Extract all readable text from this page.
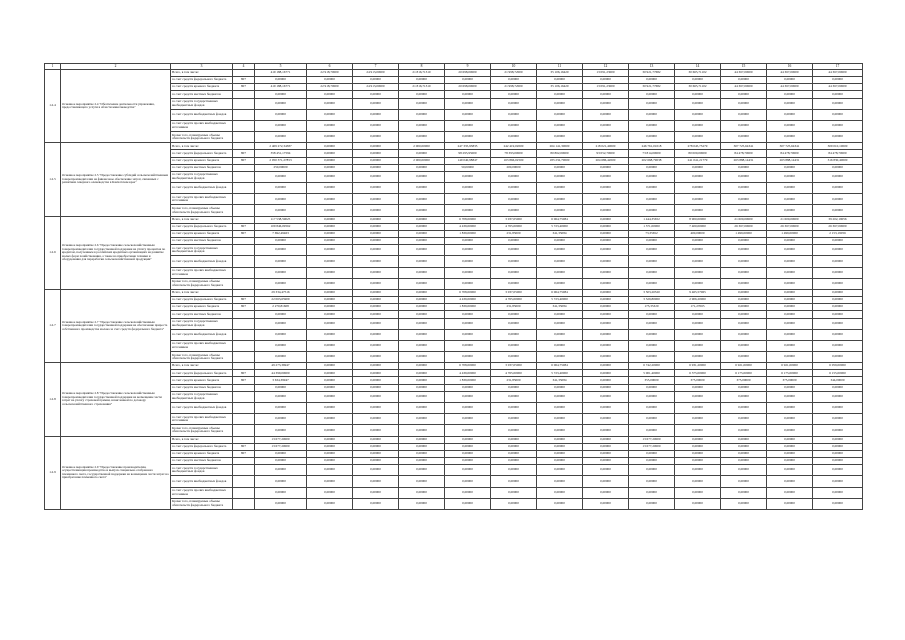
1	2	3	4	5	6	7	8	9	10	11	12	13	14	15	16	17
1.2.4	Основное мероприятие 2.4 "Обеспечение деятельности управления, предоставляющего услуги в области животноводства"	Всего, в том числе:		419 188,16771	22 918,70000	24 913,00000	21 816,71310	20 698,00000	21 998,72000	35 106,16420	13 091,23000	30 921,77682	30 665,71102	44 367,00000	44 367,00000	44 367,00000
		за счет средств федерального бюджета	807	0,00000	0,00000	0,00000	0,00000	0,00000	0,00000	0,00000	0,00000	0,00000	0,00000	0,00000	0,00000	0,00000
		за счет средств краевого бюджета	807	419 188,16771	22 918,70000	24 913,00000	21 816,71310	20 698,00000	21 998,72000	35 106,16420	13 091,23000	30 921,77682	30 665,71102	44 367,00000	44 367,00000	44 367,00000
		за счет средств местных бюджетов		0,00000	0,00000	0,00000	0,00000	0,00000	0,00000	0,00000	0,00000	0,00000	0,00000	0,00000	0,00000	0,00000
		за счет средств государственных внебюджетных фондов		0,00000	0,00000	0,00000	0,00000	0,00000	0,00000	0,00000	0,00000	0,00000	0,00000	0,00000	0,00000	0,00000
		за счет средств внебюджетных фондов		0,00000	0,00000	0,00000	0,00000	0,00000	0,00000	0,00000	0,00000	0,00000	0,00000	0,00000	0,00000	0,00000
		за счет средств прочих внебюджетных источников		0,00000	0,00000	0,00000	0,00000	0,00000	0,00000	0,00000	0,00000	0,00000	0,00000	0,00000	0,00000	0,00000
		Кроме того, планируемые объемы обязательств федерального бюджета		0,00000	0,00000	0,00000	0,00000	0,00000	0,00000	0,00000	0,00000	0,00000	0,00000	0,00000	0,00000	0,00000
1.2.5	Основное мероприятие 2.5 "Предоставление субсидий сельскохозяйственным товаропроизводителям на финансовое обеспечение затрат, связанных с развитием северного оленеводства в Камчатском крае"	Всего, в том числе:		2 409 272,34387	0,00000	0,00000	2 000,00000	247 335,93835	242 419,02000	264 141,30000	218 021,40000	246 761,01018	278 045,75279	307 725,64341	307 725,64341	309 010,10000
		за счет средств федерального бюджета	807	358 451,17594	0,00000	0,00000	0,00000	98 295,95000	78 393,00000	80 862,00000	93 052,70000	73 814,00000	80 000,00000	84 478,70000	84 478,70000	84 478,70000
		за счет средств краевого бюджета	807	2 050 371,27853	0,00000	0,00000	2 000,00000	149 040,98847	163 866,02500	183 232,70000	204 686,42000	202 668,79038	241 041,21779	263 888,14431	263 888,14431	316 830,40000
		за счет средств местных бюджетов		250,00000	0,00000	0,00000	0,00000	50,00000	200,00000	0,00000	0,00000	0,00000	0,00000	0,00000	0,00000	0,00000
		за счет средств государственных внебюджетных фондов		0,00000	0,00000	0,00000	0,00000	0,00000	0,00000	0,00000	0,00000	0,00000	0,00000	0,00000	0,00000	0,00000
		за счет средств внебюджетных фондов		0,00000	0,00000	0,00000	0,00000	0,00000	0,00000	0,00000	0,00000	0,00000	0,00000	0,00000	0,00000	0,00000
		за счет средств прочих внебюджетных источников		0,00000	0,00000	0,00000	0,00000	0,00000	0,00000	0,00000	0,00000	0,00000	0,00000	0,00000	0,00000	0,00000
		Кроме того, планируемые объемы обязательств федерального бюджета		0,00000	0,00000	0,00000	0,00000	0,00000	0,00000	0,00000	0,00000	0,00000	0,00000	0,00000	0,00000	0,00000
1.2.6	Основное мероприятие 2.6 "Предоставление сельскохозяйственным товаропроизводителям государственной поддержки на уплату процентов по кредитам, полученным в российских кредитных организациях на развитие малых форм хозяйствования, а также на приобретение техники и оборудования для переработки сельскохозяйственной продукции"	Всего, в том числе:		117 538,59025	0,00000	0,00000	0,00000	6 708,00000	3 037,05000	6 064,75084	0,00000	1 444,35652	8 900,00000	21 600,00000	21 600,00000	39 202,19056
		за счет средств федерального бюджета	807	109 846,09562	0,00000	0,00000	0,00000	4 439,00000	4 765,00000	5 723,40000	0,00000	1 371,00000	7 400,00000	26 367,00000	26 367,00000	26 367,00000
		за счет средств краевого бюджета	807	7 692,49463	0,00000	0,00000	0,00000	1 839,00000	231,85000	341,35084	0,00000	73,35652	400,00000	1 499,00000	1 499,00000	2 153,19056
		за счет средств местных бюджетов		0,00000	0,00000	0,00000	0,00000	0,00000	0,00000	0,00000	0,00000	0,00000	0,00000	0,00000	0,00000	0,00000
		за счет средств государственных внебюджетных фондов		0,00000	0,00000	0,00000	0,00000	0,00000	0,00000	0,00000	0,00000	0,00000	0,00000	0,00000	0,00000	0,00000
		за счет средств внебюджетных фондов		0,00000	0,00000	0,00000	0,00000	0,00000	0,00000	0,00000	0,00000	0,00000	0,00000	0,00000	0,00000	0,00000
		за счет средств прочих внебюджетных источников		0,00000	0,00000	0,00000	0,00000	0,00000	0,00000	0,00000	0,00000	0,00000	0,00000	0,00000	0,00000	0,00000
		Кроме того, планируемые объемы обязательств федерального бюджета		0,00000	0,00000	0,00000	0,00000	0,00000	0,00000	0,00000	0,00000	0,00000	0,00000	0,00000	0,00000	0,00000
1.2.7	Основное мероприятие 2.7 "Предоставление сельскохозяйственным товаропроизводителям государственной поддержки на обеспечение прироста собственного производства молока за счет средств федерального бюджета"	Всего, в том числе:		29 334,47516	0,00000	0,00000	0,00000	6 708,00000	3 037,05000	6 064,75084	0,00000	3 503,20320	9 465,57065	0,00000	0,00000	0,00000
		за счет средств федерального бюджета	807	22 063,65909	0,00000	0,00000	0,00000	4 439,00000	4 765,00000	5 723,40000	0,00000	3 329,80000	2 906,20000	0,00000	0,00000	0,00000
		за счет средств краевого бюджета	807	2 270,81608	0,00000	0,00000	0,00000	1 839,00000	231,85000	341,35084	0,00000	173,35320	171,27065	0,00000	0,00000	0,00000
		за счет средств местных бюджетов		0,00000	0,00000	0,00000	0,00000	0,00000	0,00000	0,00000	0,00000	0,00000	0,00000	0,00000	0,00000	0,00000
		за счет средств государственных внебюджетных фондов		0,00000	0,00000	0,00000	0,00000	0,00000	0,00000	0,00000	0,00000	0,00000	0,00000	0,00000	0,00000	0,00000
		за счет средств внебюджетных фондов		0,00000	0,00000	0,00000	0,00000	0,00000	0,00000	0,00000	0,00000	0,00000	0,00000	0,00000	0,00000	0,00000
		за счет средств прочих внебюджетных источников		0,00000	0,00000	0,00000	0,00000	0,00000	0,00000	0,00000	0,00000	0,00000	0,00000	0,00000	0,00000	0,00000
		Кроме того, планируемые объемы обязательств федерального бюджета		0,00000	0,00000	0,00000	0,00000	0,00000	0,00000	0,00000	0,00000	0,00000	0,00000	0,00000	0,00000	0,00000
1.2.8	Основное мероприятие 2.8 "Предоставление сельскохозяйственным товаропроизводителям государственной поддержки на возмещение части затрат на уплату страховой премии, начисленной по договору сельскохозяйственного страхования"	Всего, в том числе:		49 273,36947	0,00000	0,00000	0,00000	6 708,00000	3 037,05000	6 064,75084	0,00000	6 742,20000	6 931,20000	6 921,00000	6 921,00000	6 059,00000
		за счет средств федерального бюджета	807	44 399,00000	0,00000	0,00000	0,00000	4 439,00000	4 765,00000	5 723,40000	0,00000	5 001,40000	6 375,00000	6 175,00000	6 175,00000	6 155,00000
		за счет средств краевого бюджета	807	3 634,39947	0,00000	0,00000	0,00000	1 839,00000	231,85000	341,35084	0,00000	355,00000	375,00000	375,00000	375,00000	344,00000
		за счет средств местных бюджетов		0,00000	0,00000	0,00000	0,00000	0,00000	0,00000	0,00000	0,00000	0,00000	0,00000	0,00000	0,00000	0,00000
		за счет средств государственных внебюджетных фондов		0,00000	0,00000	0,00000	0,00000	0,00000	0,00000	0,00000	0,00000	0,00000	0,00000	0,00000	0,00000	0,00000
		за счет средств внебюджетных фондов		0,00000	0,00000	0,00000	0,00000	0,00000	0,00000	0,00000	0,00000	0,00000	0,00000	0,00000	0,00000	0,00000
		за счет средств прочих внебюджетных источников		0,00000	0,00000	0,00000	0,00000	0,00000	0,00000	0,00000	0,00000	0,00000	0,00000	0,00000	0,00000	0,00000
		Кроме того, планируемые объемы обязательств федерального бюджета		0,00000	0,00000	0,00000	0,00000	0,00000	0,00000	0,00000	0,00000	0,00000	0,00000	0,00000	0,00000	0,00000
1.2.9	Основное мероприятие 2.9 "Предоставление производителям, осуществляющим производство и выпуск специально отобранного племенного скота, государственной поддержки на возмещение части затрат на приобретение племенного скота"	Всего, в том числе:		13 677,20000	0,00000	0,00000	0,00000	0,00000	0,00000	0,00000	0,00000	13 677,20000	0,00000	0,00000	0,00000	0,00000
		за счет средств федерального бюджета	807	13 677,20000	0,00000	0,00000	0,00000	0,00000	0,00000	0,00000	0,00000	13 677,20000	0,00000	0,00000	0,00000	0,00000
		за счет средств краевого бюджета	807	0,00000	0,00000	0,00000	0,00000	0,00000	0,00000	0,00000	0,00000	0,00000	0,00000	0,00000	0,00000	0,00000
		за счет средств местных бюджетов		0,00000	0,00000	0,00000	0,00000	0,00000	0,00000	0,00000	0,00000	0,00000	0,00000	0,00000	0,00000	0,00000
		за счет средств государственных внебюджетных фондов		0,00000	0,00000	0,00000	0,00000	0,00000	0,00000	0,00000	0,00000	0,00000	0,00000	0,00000	0,00000	0,00000
		за счет средств внебюджетных фондов		0,00000	0,00000	0,00000	0,00000	0,00000	0,00000	0,00000	0,00000	0,00000	0,00000	0,00000	0,00000	0,00000
		за счет средств прочих внебюджетных источников		0,00000	0,00000	0,00000	0,00000	0,00000	0,00000	0,00000	0,00000	0,00000	0,00000	0,00000	0,00000	0,00000
		Кроме того, планируемые объемы обязательств федерального бюджета		0,00000	0,00000	0,00000	0,00000	0,00000	0,00000	0,00000	0,00000	0,00000	0,00000	0,00000	0,00000	0,00000
